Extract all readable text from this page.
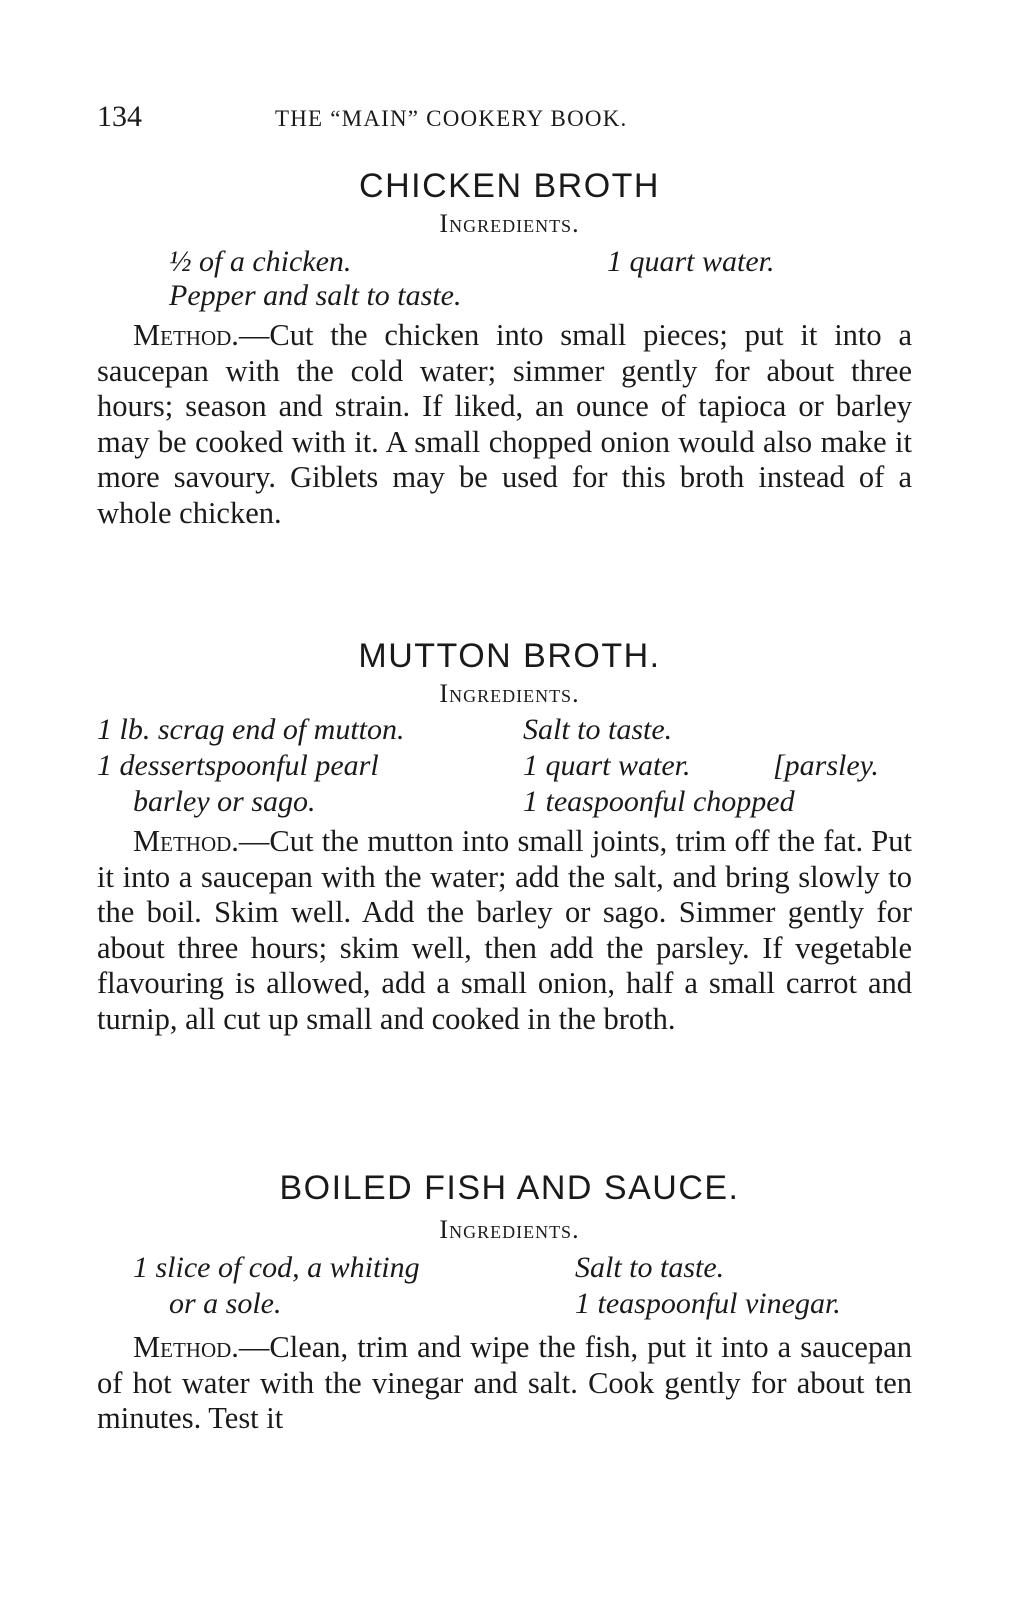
134	THE “MAIN” COOKERY BOOK.
CHICKEN BROTH
Ingredients.
½ of a chicken.	1 quart water.
Pepper and salt to taste.

Method.—Cut the chicken into small pieces; put it into a saucepan with the cold water; simmer gently for about three hours; season and strain. If liked, an ounce of tapioca or barley may be cooked with it. A small chopped onion would also make it more savoury. Giblets may be used for this broth instead of a whole chicken.

MUTTON BROTH.
Ingredients.
1 lb. scrag end of mutton.	Salt to taste.
1 dessertspoonful pearl	1 quart water.	[parsley.
barley or sago.	1 teaspoonful chopped

Method.—Cut the mutton into small joints, trim off the fat. Put it into a saucepan with the water; add the salt, and bring slowly to the boil. Skim well. Add the barley or sago. Simmer gently for about three hours; skim well, then add the parsley. If vegetable flavouring is allowed, add a small onion, half a small carrot and turnip, all cut up small and cooked in the broth.

BOILED FISH AND SAUCE.
Ingredients.
1 slice of cod, a whiting	Salt to taste.
or a sole.	1 teaspoonful vinegar.

Method.—Clean, trim and wipe the fish, put it into a saucepan of hot water with the vinegar and salt. Cook gently for about ten minutes. Test it
